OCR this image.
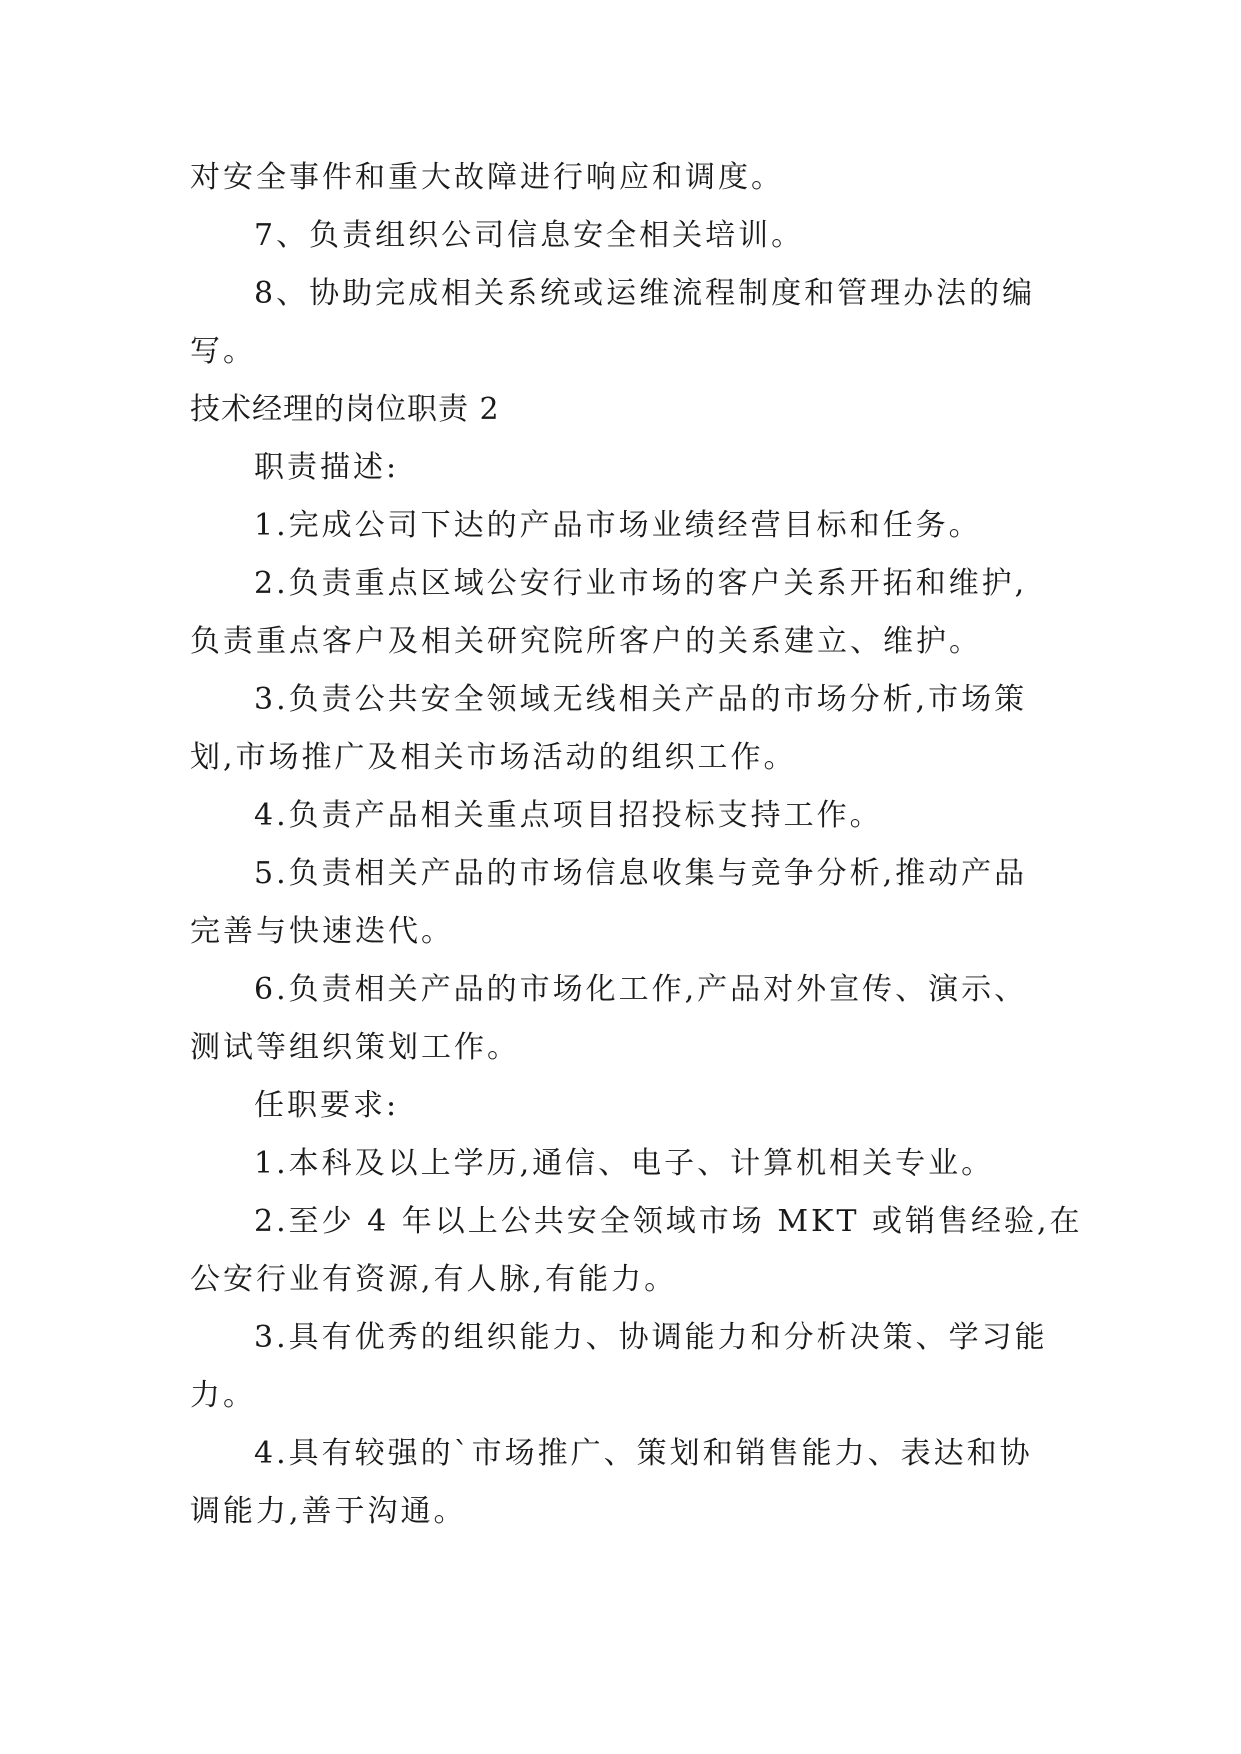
对安全事件和重大故障进行响应和调度。
7、负责组织公司信息安全相关培训。
8、协助完成相关系统或运维流程制度和管理办法的编
写。
技术经理的岗位职责 2
职责描述:
1.完成公司下达的产品市场业绩经营目标和任务。
2.负责重点区域公安行业市场的客户关系开拓和维护,
负责重点客户及相关研究院所客户的关系建立、维护。
3.负责公共安全领域无线相关产品的市场分析,市场策
划,市场推广及相关市场活动的组织工作。
4.负责产品相关重点项目招投标支持工作。
5.负责相关产品的市场信息收集与竞争分析,推动产品
完善与快速迭代。
6.负责相关产品的市场化工作,产品对外宣传、演示、
测试等组织策划工作。
任职要求:
1.本科及以上学历,通信、电子、计算机相关专业。
2.至少 4 年以上公共安全领域市场 MKT 或销售经验,在
公安行业有资源,有人脉,有能力。
3.具有优秀的组织能力、协调能力和分析决策、学习能
力。
4.具有较强的`市场推广、策划和销售能力、表达和协
调能力,善于沟通。
